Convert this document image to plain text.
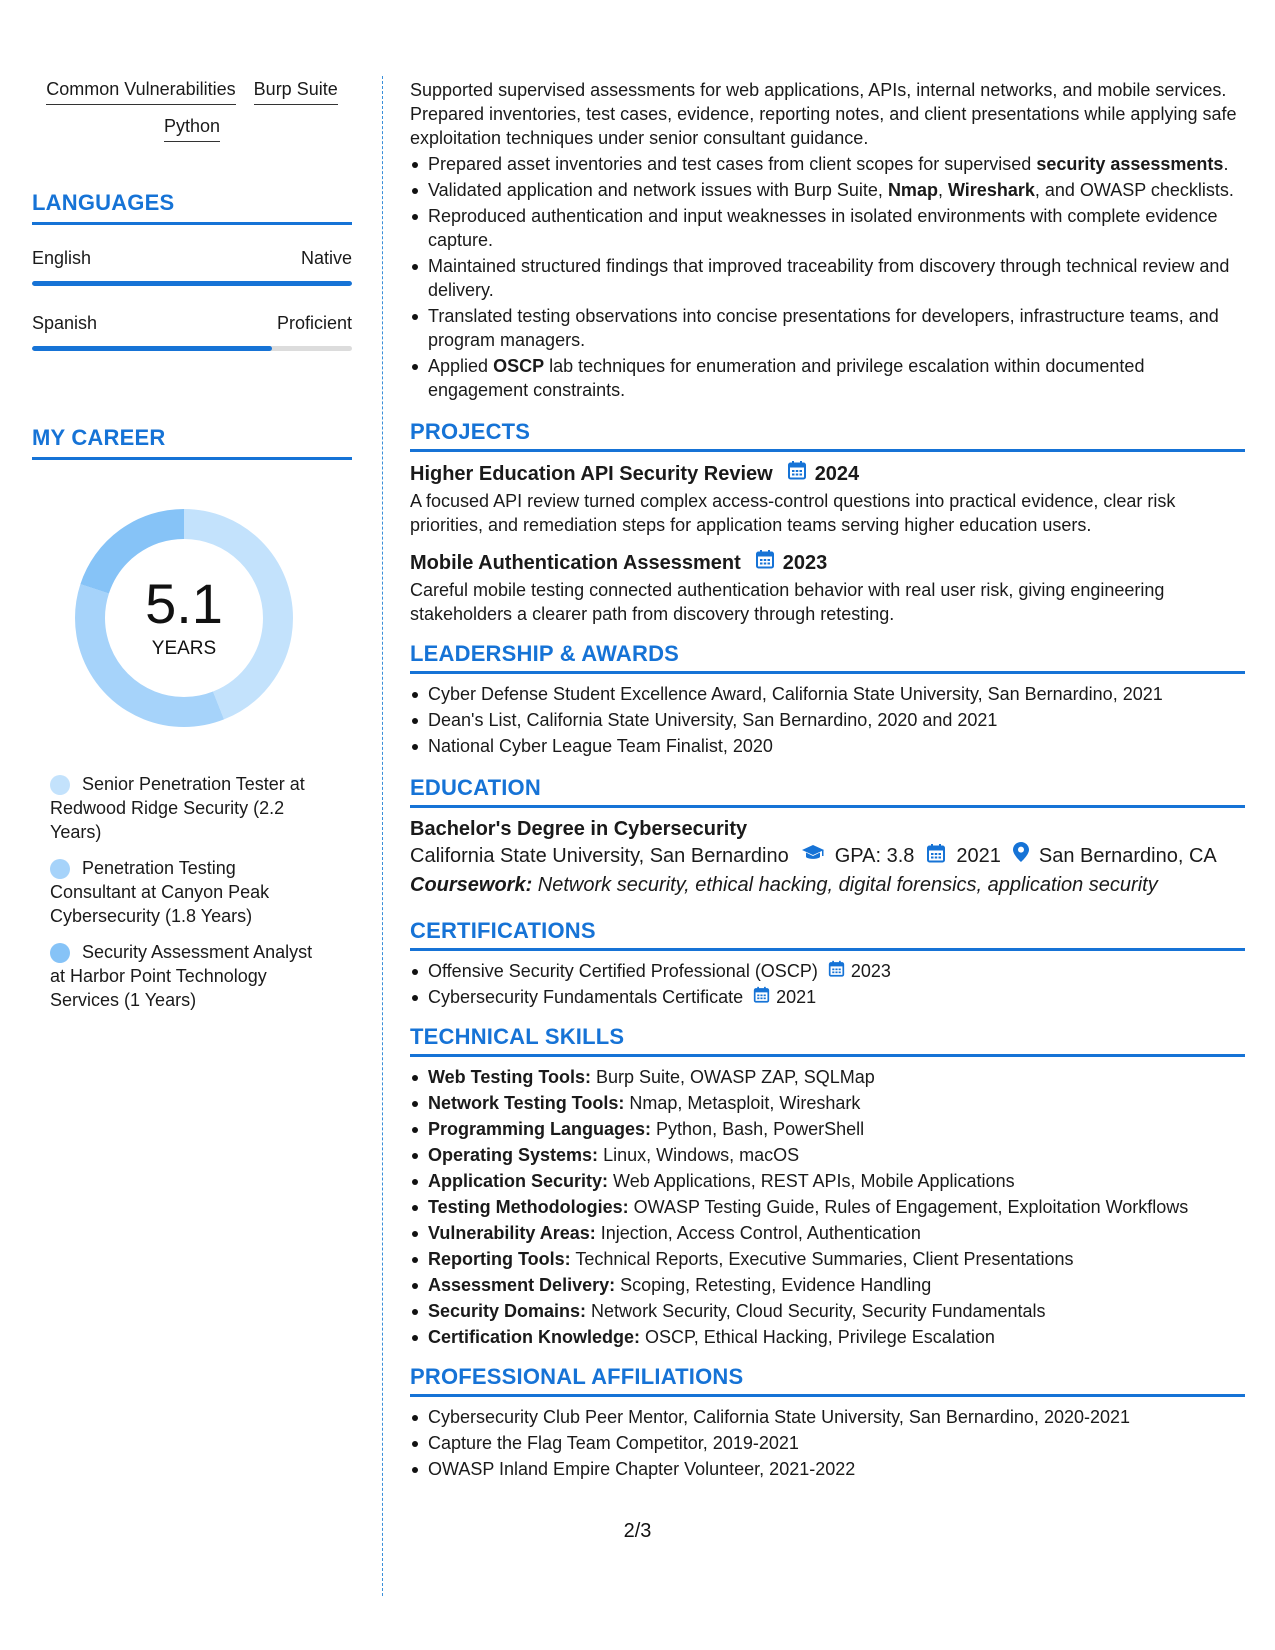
Common Vulnerabilities Burp Suite
Python
LANGUAGES
English	Native
Spanish	Proficient
MY CAREER
5.1
YEARS
Senior Penetration Tester at Redwood Ridge Security (2.2 Years)
Penetration Testing Consultant at Canyon Peak Cybersecurity (1.8 Years)
Security Assessment Analyst at Harbor Point Technology Services (1 Years)

Supported supervised assessments for web applications, APIs, internal networks, and mobile services. Prepared inventories, test cases, evidence, reporting notes, and client presentations while applying safe exploitation techniques under senior consultant guidance.

Prepared asset inventories and test cases from client scopes for supervised security assessments.
Validated application and network issues with Burp Suite, Nmap, Wireshark, and OWASP checklists.
Reproduced authentication and input weaknesses in isolated environments with complete evidence capture.
Maintained structured findings that improved traceability from discovery through technical review and delivery.
Translated testing observations into concise presentations for developers, infrastructure teams, and program managers.
Applied OSCP lab techniques for enumeration and privilege escalation within documented engagement constraints.
PROJECTS
Higher Education API Security Review 2024

A focused API review turned complex access-control questions into practical evidence, clear risk priorities, and remediation steps for application teams serving higher education users.

Mobile Authentication Assessment 2023

Careful mobile testing connected authentication behavior with real user risk, giving engineering stakeholders a clearer path from discovery through retesting.

LEADERSHIP & AWARDS
Cyber Defense Student Excellence Award, California State University, San Bernardino, 2021
Dean's List, California State University, San Bernardino, 2020 and 2021
National Cyber League Team Finalist, 2020
EDUCATION
Bachelor's Degree in Cybersecurity
California State University, San Bernardino GPA: 3.8 2021 San Bernardino, CA
Coursework: Network security, ethical hacking, digital forensics, application security
CERTIFICATIONS
Offensive Security Certified Professional (OSCP) 2023
Cybersecurity Fundamentals Certificate 2021
TECHNICAL SKILLS
Web Testing Tools: Burp Suite, OWASP ZAP, SQLMap
Network Testing Tools: Nmap, Metasploit, Wireshark
Programming Languages: Python, Bash, PowerShell
Operating Systems: Linux, Windows, macOS
Application Security: Web Applications, REST APIs, Mobile Applications
Testing Methodologies: OWASP Testing Guide, Rules of Engagement, Exploitation Workflows
Vulnerability Areas: Injection, Access Control, Authentication
Reporting Tools: Technical Reports, Executive Summaries, Client Presentations
Assessment Delivery: Scoping, Retesting, Evidence Handling
Security Domains: Network Security, Cloud Security, Security Fundamentals
Certification Knowledge: OSCP, Ethical Hacking, Privilege Escalation
PROFESSIONAL AFFILIATIONS
Cybersecurity Club Peer Mentor, California State University, San Bernardino, 2020-2021
Capture the Flag Team Competitor, 2019-2021
OWASP Inland Empire Chapter Volunteer, 2021-2022
2/3
